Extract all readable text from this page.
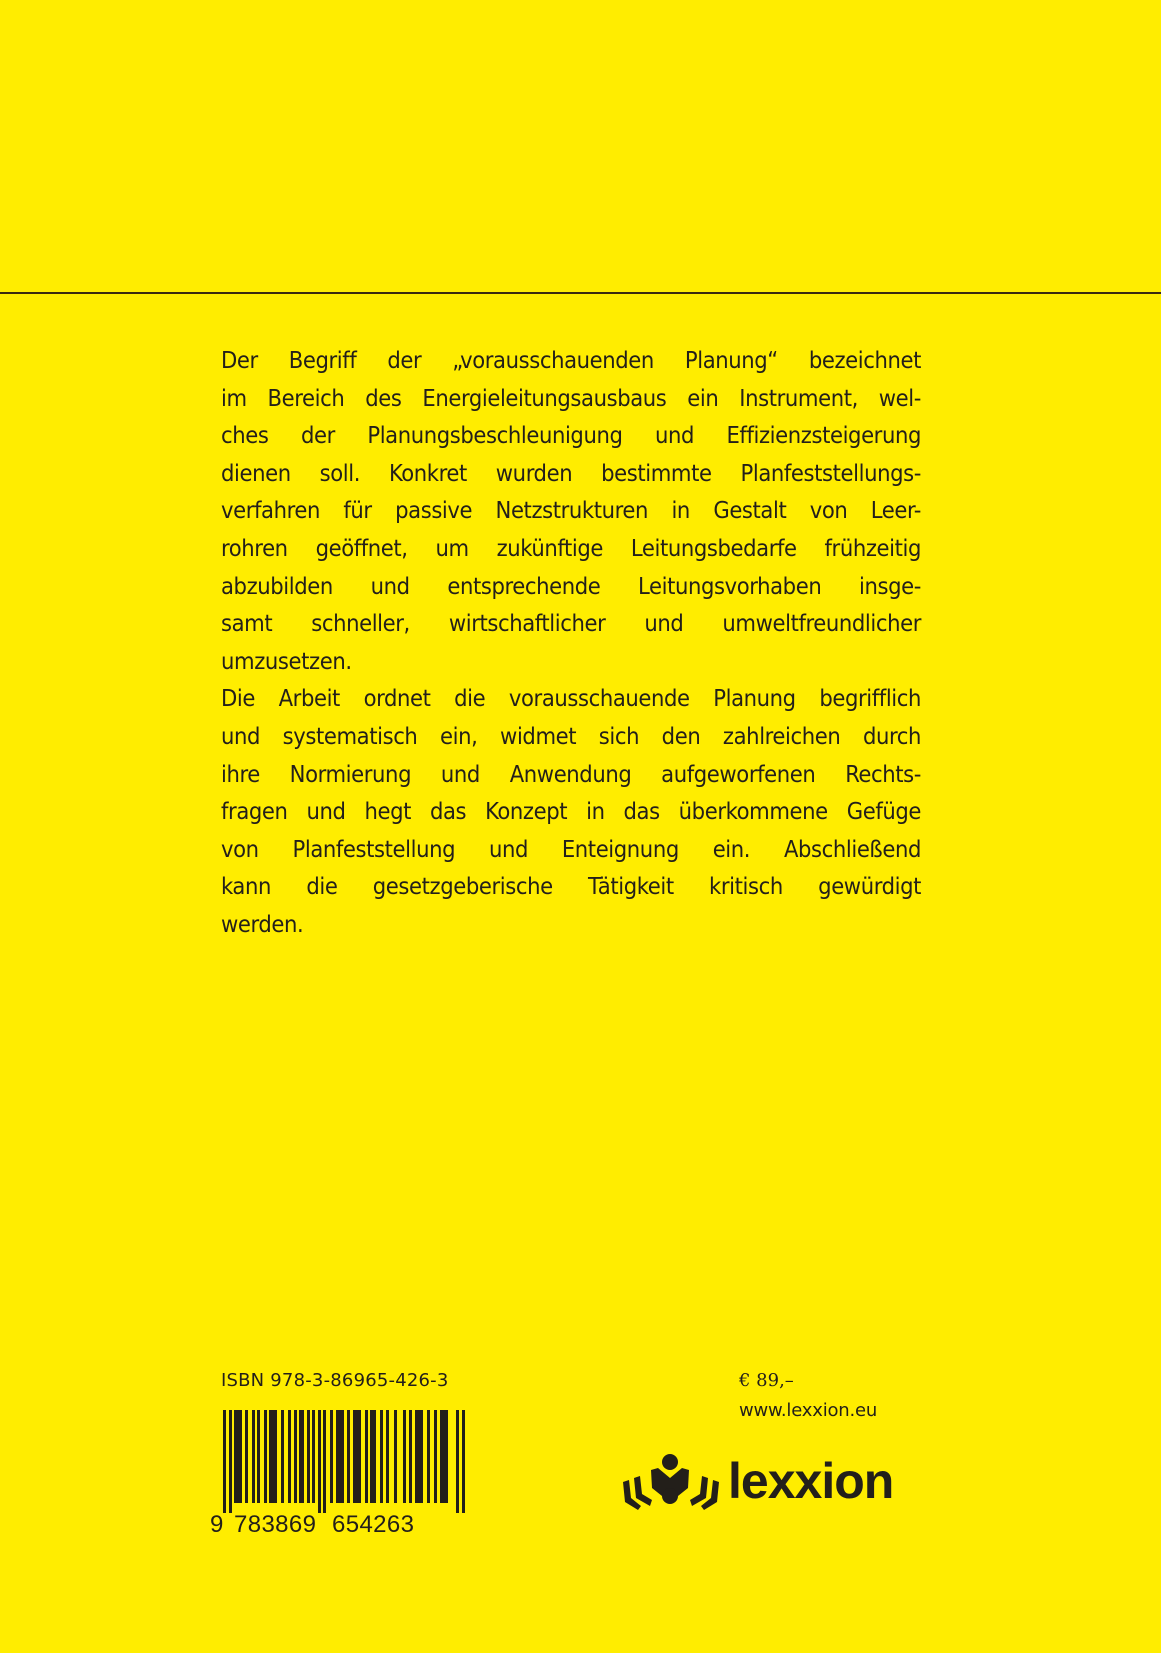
Der Begriff der „vorausschauenden Planung“ bezeichnet
im Bereich des Energieleitungsausbaus ein Instrument, wel-
ches der Planungsbeschleunigung und Effizienzsteigerung
dienen soll. Konkret wurden bestimmte Planfeststellungs-
verfahren für passive Netzstrukturen in Gestalt von Leer-
rohren geöffnet, um zukünftige Leitungsbedarfe frühzeitig
abzubilden und entsprechende Leitungsvorhaben insge-
samt schneller, wirtschaftlicher und umweltfreundlicher
umzusetzen.

Die Arbeit ordnet die vorausschauende Planung begrifflich
und systematisch ein, widmet sich den zahlreichen durch
ihre Normierung und Anwendung aufgeworfenen Rechts-
fragen und hegt das Konzept in das überkommene Gefüge
von Planfeststellung und Enteignung ein. Abschließend
kann die gesetzgeberische Tätigkeit kritisch gewürdigt
werden.

ISBN 978-3-86965-426-3
9 783869 654263
€ 89,–
www.lexxion.eu
lexxion
